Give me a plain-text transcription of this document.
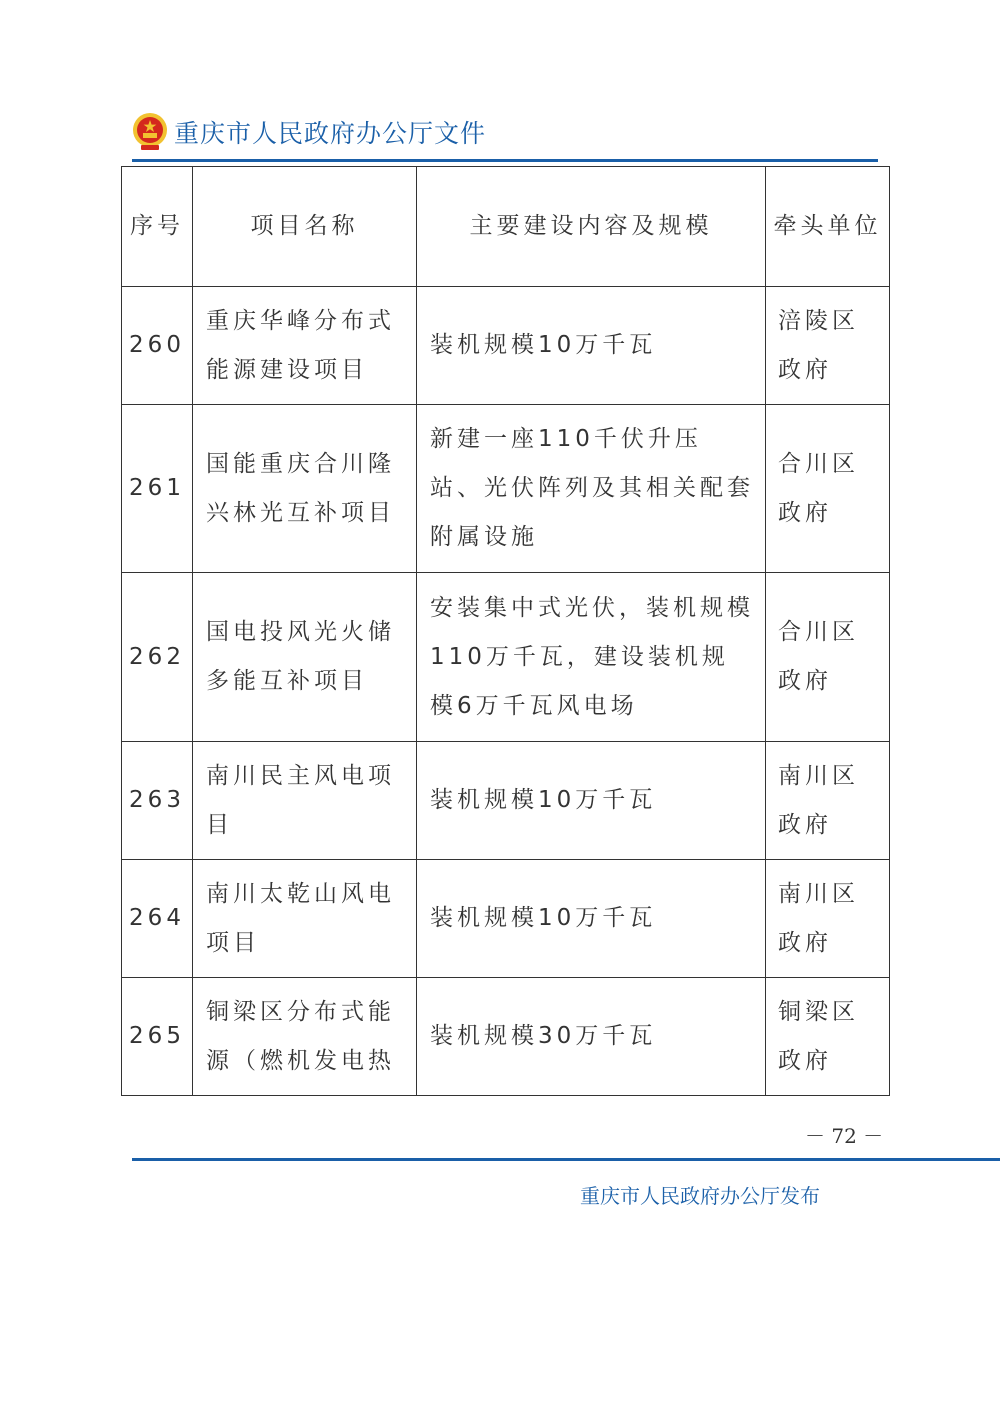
重庆市人民政府办公厅文件
序号	项目名称	主要建设内容及规模	牵头单位
260	重庆华峰分布式能源建设项目	装机规模10万千瓦	涪陵区政府
261	国能重庆合川隆兴林光互补项目	新建一座110千伏升压站、光伏阵列及其相关配套附属设施	合川区政府
262	国电投风光火储多能互补项目	安装集中式光伏，装机规模110万千瓦，建设装机规模6万千瓦风电场	合川区政府
263	南川民主风电项目	装机规模10万千瓦	南川区政府
264	南川太乾山风电项目	装机规模10万千瓦	南川区政府
265	铜梁区分布式能源（燃机发电热	装机规模30万千瓦	铜梁区政府
－ 72 －
重庆市人民政府办公厅发布
